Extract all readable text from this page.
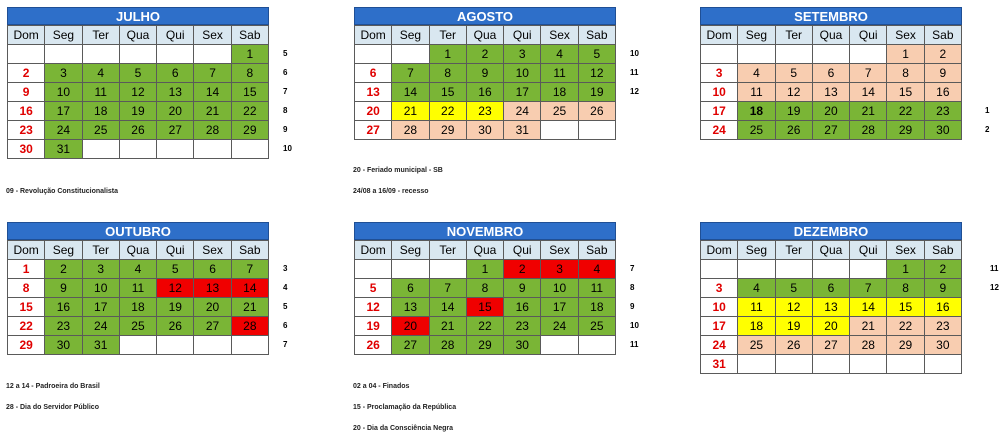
JULHO
Dom	Seg	Ter	Qua	Qui	Sex	Sab
						1
2	3	4	5	6	7	8
9	10	11	12	13	14	15
16	17	18	19	20	21	22
23	24	25	26	27	28	29
30	31					
5
6
7
8
9
10
09 - Revolução Constitucionalista
AGOSTO
Dom	Seg	Ter	Qua	Qui	Sex	Sab
		1	2	3	4	5
6	7	8	9	10	11	12
13	14	15	16	17	18	19
20	21	22	23	24	25	26
27	28	29	30	31		
10
11
12
20 - Feriado municipal - SB
24/08 a 16/09 - recesso
SETEMBRO
Dom	Seg	Ter	Qua	Qui	Sex	Sab
					1	2
3	4	5	6	7	8	9
10	11	12	13	14	15	16
17	18	19	20	21	22	23
24	25	26	27	28	29	30
1
2
OUTUBRO
Dom	Seg	Ter	Qua	Qui	Sex	Sab
1	2	3	4	5	6	7
8	9	10	11	12	13	14
15	16	17	18	19	20	21
22	23	24	25	26	27	28
29	30	31				
3
4
5
6
7
12 a 14 - Padroeira do Brasil
28 - Dia do Servidor Público
NOVEMBRO
Dom	Seg	Ter	Qua	Qui	Sex	Sab
			1	2	3	4
5	6	7	8	9	10	11
12	13	14	15	16	17	18
19	20	21	22	23	24	25
26	27	28	29	30		
7
8
9
10
11
02 a 04 - Finados
15 - Proclamação da República
20 - Dia da Consciência Negra
DEZEMBRO
Dom	Seg	Ter	Qua	Qui	Sex	Sab
					1	2
3	4	5	6	7	8	9
10	11	12	13	14	15	16
17	18	19	20	21	22	23
24	25	26	27	28	29	30
31						
11
12
